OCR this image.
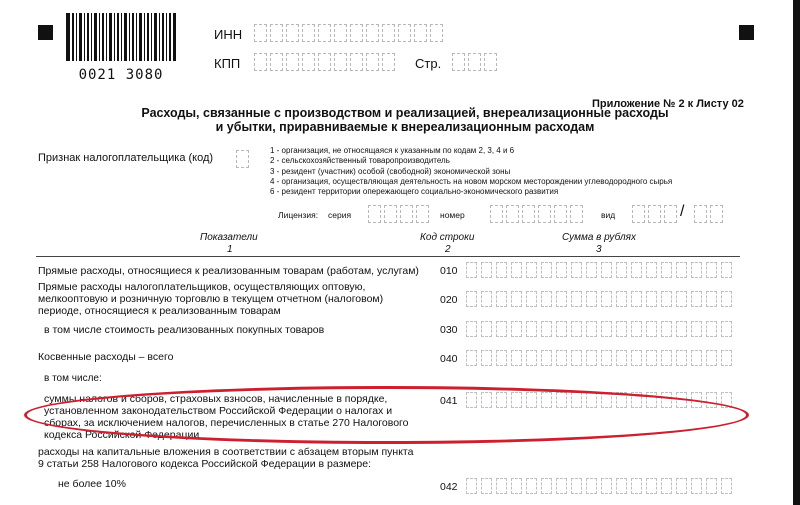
0021 3080
ИНН
КПП	Стр.
Приложение № 2 к Листу 02
Расходы, связанные с производством и реализацией, внереализационные расходы
и убытки, приравниваемые к внереализационным расходам
Признак налогоплательщика (код)
1 - организация, не относящаяся к указанным по кодам 2, 3, 4 и 6
2 - сельскохозяйственный товаропроизводитель
3 - резидент (участник) особой (свободной) экономической зоны
4 - организация, осуществляющая деятельность на новом морском месторождении углеводородного сырья
6 - резидент территории опережающего социально-экономического развития
Лицензия: серия	номер	вид	/
Показатели
1
Код строки
2
Сумма в рублях
3
Прямые расходы, относящиеся к реализованным товарам (работам, услугам) 010
Прямые расходы налогоплательщиков, осуществляющих оптовую,
мелкооптовую и розничную торговлю в текущем отчетном (налоговом)
периоде, относящиеся к реализованным товарам
020
в том числе стоимость реализованных покупных товаров	030
Косвенные расходы – всего	040
в том числе:
суммы налогов и сборов, страховых взносов, начисленные в порядке,
установленном законодательством Российской Федерации о налогах и
сборах, за исключением налогов, перечисленных в статье 270 Налогового
кодекса Российской Федерации
041
расходы на капитальные вложения в соответствии с абзацем вторым пункта
9 статьи 258 Налогового кодекса Российской Федерации в размере:
не более 10%	042
